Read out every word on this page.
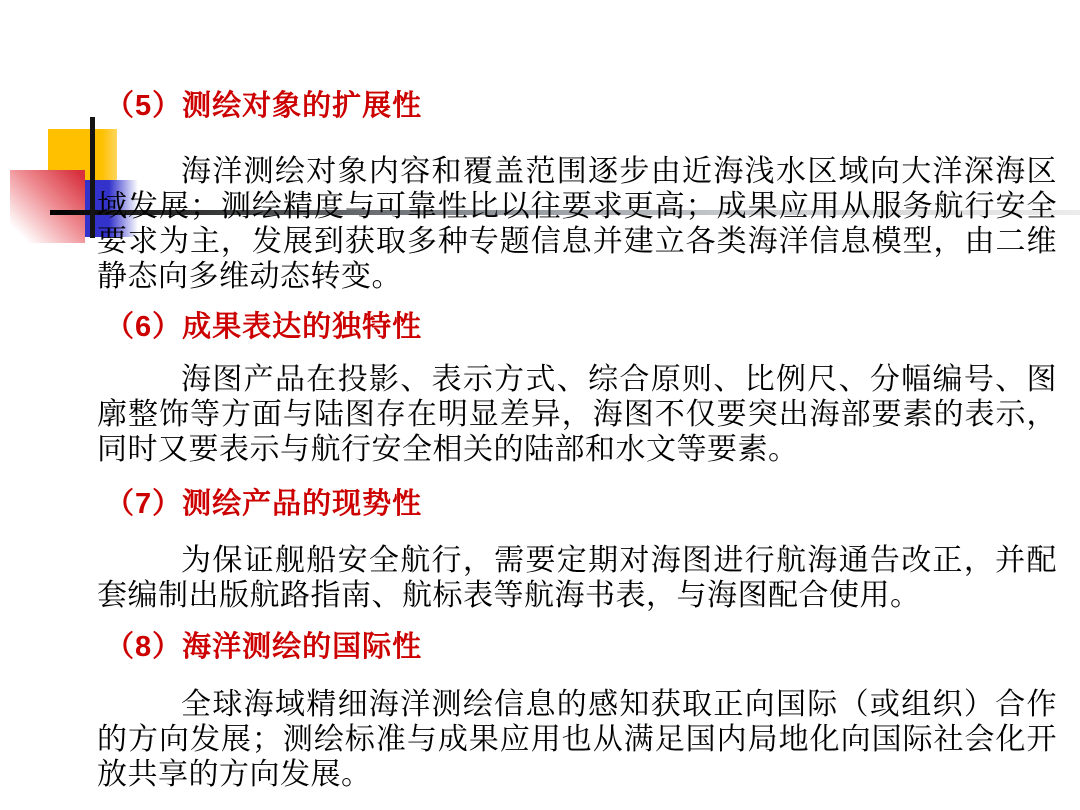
（5）测绘对象的扩展性

海洋测绘对象内容和覆盖范围逐步由近海浅水区域向大洋深海区域发展；测绘精度与可靠性比以往要求更高；成果应用从服务航行安全要求为主，发展到获取多种专题信息并建立各类海洋信息模型，由二维静态向多维动态转变。

（6）成果表达的独特性

海图产品在投影、表示方式、综合原则、比例尺、分幅编号、图廓整饰等方面与陆图存在明显差异，海图不仅要突出海部要素的表示，同时又要表示与航行安全相关的陆部和水文等要素。

（7）测绘产品的现势性

为保证舰船安全航行，需要定期对海图进行航海通告改正，并配套编制出版航路指南、航标表等航海书表，与海图配合使用。

（8）海洋测绘的国际性

全球海域精细海洋测绘信息的感知获取正向国际（或组织）合作的方向发展；测绘标准与成果应用也从满足国内局地化向国际社会化开放共享的方向发展。
